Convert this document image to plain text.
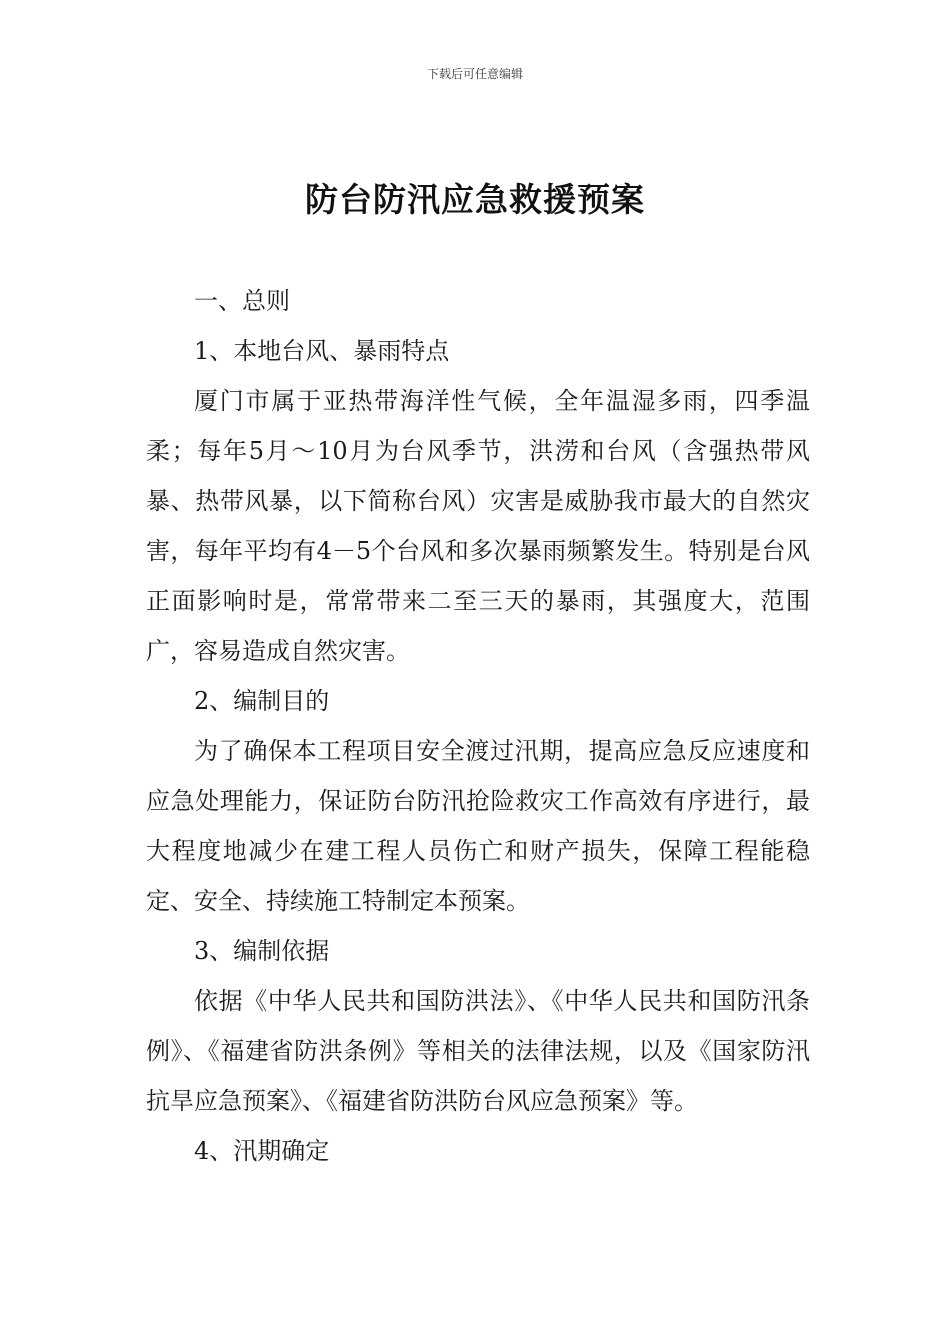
下载后可任意编辑
防台防汛应急救援预案

一、总则

1、本地台风、暴雨特点

厦门市属于亚热带海洋性气候，全年温湿多雨，四季温柔；每年5月～10月为台风季节，洪涝和台风（含强热带风暴、热带风暴，以下简称台风）灾害是威胁我市最大的自然灾害，每年平均有4－5个台风和多次暴雨频繁发生。特别是台风正面影响时是，常常带来二至三天的暴雨，其强度大，范围广，容易造成自然灾害。

2、编制目的

为了确保本工程项目安全渡过汛期，提高应急反应速度和应急处理能力，保证防台防汛抢险救灾工作高效有序进行，最大程度地减少在建工程人员伤亡和财产损失，保障工程能稳定、安全、持续施工特制定本预案。

3、编制依据

依据《中华人民共和国防洪法》、《中华人民共和国防汛条例》、《福建省防洪条例》等相关的法律法规，以及《国家防汛抗旱应急预案》、《福建省防洪防台风应急预案》等。

4、汛期确定
